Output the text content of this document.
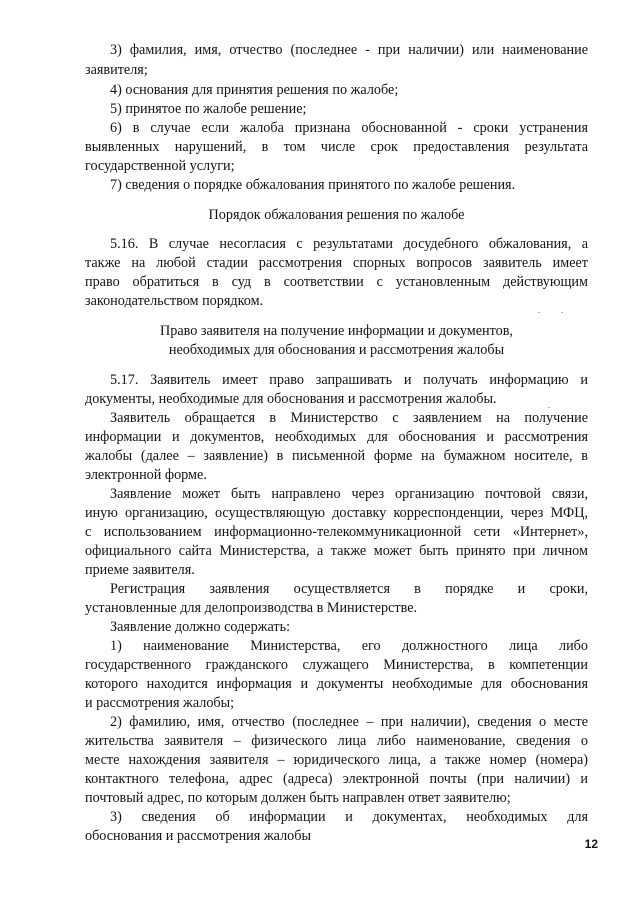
3) фамилия, имя, отчество (последнее - при наличии) или наименование
заявителя;
4) основания для принятия решения по жалобе;
5) принятое по жалобе решение;
6) в случае если жалоба признана обоснованной - сроки устранения
выявленных нарушений, в том числе срок предоставления результата
государственной услуги;
7) сведения о порядке обжалования принятого по жалобе решения.
Порядок обжалования решения по жалобе
5.16. В случае несогласия с результатами досудебного обжалования, а
также на любой стадии рассмотрения спорных вопросов заявитель имеет
право обратиться в суд в соответствии с установленным действующим
законодательством порядком.
Право заявителя на получение информации и документов,
необходимых для обоснования и рассмотрения жалобы
5.17. Заявитель имеет право запрашивать и получать информацию и
документы, необходимые для обоснования и рассмотрения жалобы.
Заявитель обращается в Министерство с заявлением на получение
информации и документов, необходимых для обоснования и рассмотрения
жалобы (далее – заявление) в письменной форме на бумажном носителе, в
электронной форме.
Заявление может быть направлено через организацию почтовой связи,
иную организацию, осуществляющую доставку корреспонденции, через МФЦ,
с использованием информационно-телекоммуникационной сети «Интернет»,
официального сайта Министерства, а также может быть принято при личном
приеме заявителя.
Регистрация заявления осуществляется в порядке и сроки,
установленные для делопроизводства в Министерстве.
Заявление должно содержать:
1) наименование Министерства, его должностного лица либо
государственного гражданского служащего Министерства, в компетенции
которого находится информация и документы необходимые для обоснования
и рассмотрения жалобы;
2) фамилию, имя, отчество (последнее – при наличии), сведения о месте
жительства заявителя – физического лица либо наименование, сведения о
месте нахождения заявителя – юридического лица, а также номер (номера)
контактного телефона, адрес (адреса) электронной почты (при наличии) и
почтовый адрес, по которым должен быть направлен ответ заявителю;
3) сведения об информации и документах, необходимых для
обоснования и рассмотрения жалобы	12
